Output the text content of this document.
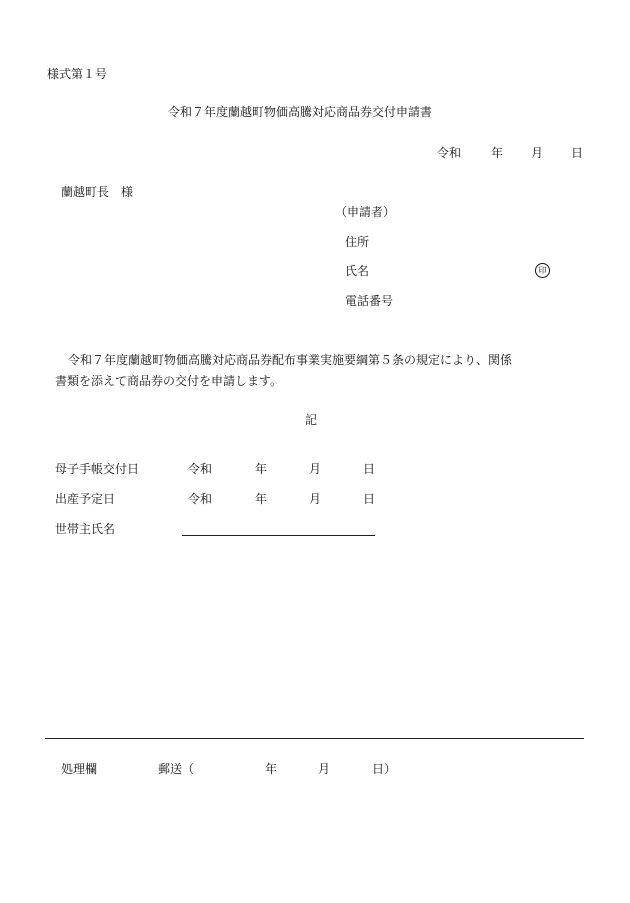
様式第１号
令和７年度蘭越町物価高騰対応商品券交付申請書
令和 年 月 日
蘭越町長　様
（申請者）
住所
氏名	印
電話番号
令和７年度蘭越町物価高騰対応商品券配布事業実施要綱第５条の規定により、関係
書類を添えて商品券の交付を申請します。
記
母子手帳交付日	令和	年	月	日
出産予定日	令和	年	月	日
世帯主氏名
処理欄	郵送（	年	月	日）
